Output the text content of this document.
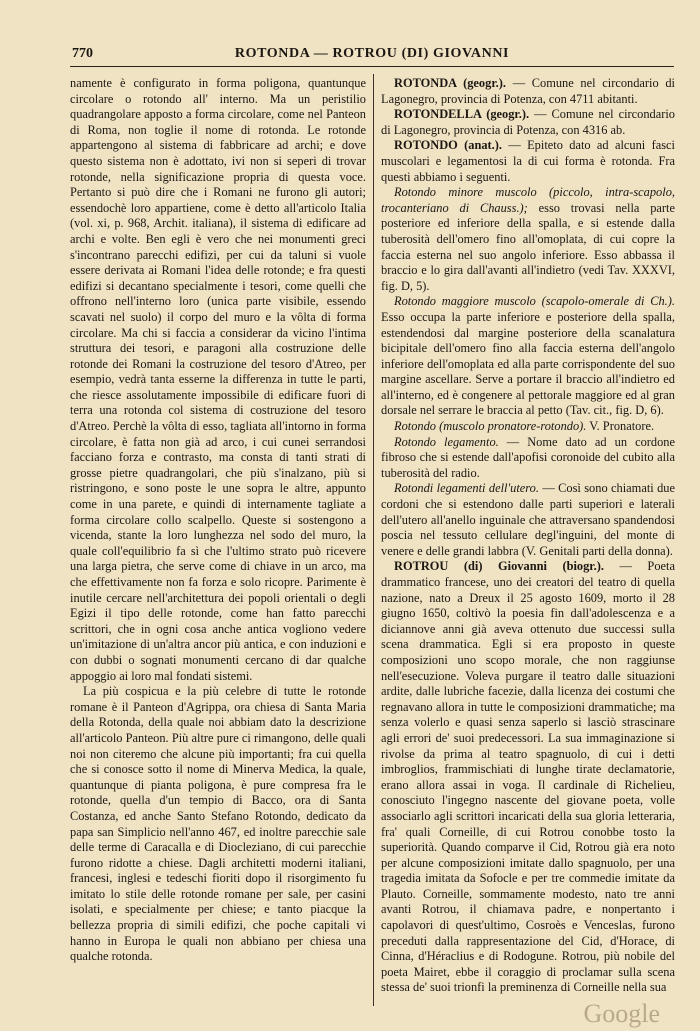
770	ROTONDA — ROTROU (DI) GIOVANNI

namente è configurato in forma poligona, quantunque circolare o rotondo all' interno. Ma un peristilio quadrangolare apposto a forma circolare, come nel Panteon di Roma, non toglie il nome di rotonda. Le rotonde appartengono al sistema di fabbricare ad archi; e dove questo sistema non è adottato, ivi non si seperi di trovar rotonde, nella significazione propria di questa voce. Pertanto si può dire che i Romani ne furono gli autori; essendochè loro appartiene, come è detto all'articolo Italia (vol. xi, p. 968, Archit. italiana), il sistema di edificare ad archi e volte. Ben egli è vero che nei monumenti greci s'incontrano parecchi edifizi, per cui da taluni si vuole essere derivata ai Romani l'idea delle rotonde; e fra questi edifizi si decantano specialmente i tesori, come quelli che offrono nell'interno loro (unica parte visibile, essendo scavati nel suolo) il corpo del muro e la vôlta di forma circolare. Ma chi si faccia a considerar da vicino l'intima struttura dei tesori, e paragoni alla costruzione delle rotonde dei Romani la costruzione del tesoro d'Atreo, per esempio, vedrà tanta esserne la differenza in tutte le parti, che riesce assolutamente impossibile di edificare fuori di terra una rotonda col sistema di costruzione del tesoro d'Atreo. Perchè la vôlta di esso, tagliata all'intorno in forma circolare, è fatta non già ad arco, i cui cunei serrandosi facciano forza e contrasto, ma consta di tanti strati di grosse pietre quadrangolari, che più s'inalzano, più si ristringono, e sono poste le une sopra le altre, appunto come in una parete, e quindi di internamente tagliate a forma circolare collo scalpello. Queste si sostengono a vicenda, stante la loro lunghezza nel sodo del muro, la quale coll'equilibrio fa sì che l'ultimo strato può ricevere una larga pietra, che serve come di chiave in un arco, ma che effettivamente non fa forza e solo ricopre. Parimente è inutile cercare nell'architettura dei popoli orientali o degli Egizi il tipo delle rotonde, come han fatto parecchi scrittori, che in ogni cosa anche antica vogliono vedere un'imitazione di un'altra ancor più antica, e con induzioni e con dubbi o sognati monumenti cercano di dar qualche appoggio ai loro mal fondati sistemi.

La più cospicua e la più celebre di tutte le rotonde romane è il Panteon d'Agrippa, ora chiesa di Santa Maria della Rotonda, della quale noi abbiam dato la descrizione all'articolo Panteon. Più altre pure ci rimangono, delle quali noi non citeremo che alcune più importanti; fra cui quella che si conosce sotto il nome di Minerva Medica, la quale, quantunque di pianta poligona, è pure compresa fra le rotonde, quella d'un tempio di Bacco, ora di Santa Costanza, ed anche Santo Stefano Rotondo, dedicato da papa san Simplicio nell'anno 467, ed inoltre parecchie sale delle terme di Caracalla e di Diocleziano, di cui parecchie furono ridotte a chiese. Dagli architetti moderni italiani, francesi, inglesi e tedeschi fioriti dopo il risorgimento fu imitato lo stile delle rotonde romane per sale, per casini isolati, e specialmente per chiese; e tanto piacque la bellezza propria di simili edifizi, che poche capitali vi hanno in Europa le quali non abbiano per chiesa una qualche rotonda.

ROTONDA (geogr.). — Comune nel circondario di Lagonegro, provincia di Potenza, con 4711 abitanti.

ROTONDELLA (geogr.). — Comune nel circondario di Lagonegro, provincia di Potenza, con 4316 ab.

ROTONDO (anat.). — Epiteto dato ad alcuni fasci muscolari e legamentosi la di cui forma è rotonda. Fra questi abbiamo i seguenti.

Rotondo minore muscolo (piccolo, intra-scapolo, trocanteriano di Chauss.); esso trovasi nella parte posteriore ed inferiore della spalla, e si estende dalla tuberosità dell'omero fino all'omoplata, di cui copre la faccia esterna nel suo angolo inferiore. Esso abbassa il braccio e lo gira dall'avanti all'indietro (vedi Tav. XXXVI, fig. D, 5).

Rotondo maggiore muscolo (scapolo-omerale di Ch.). Esso occupa la parte inferiore e posteriore della spalla, estendendosi dal margine posteriore della scanalatura bicipitale dell'omero fino alla faccia esterna dell'angolo inferiore dell'omoplata ed alla parte corrispondente del suo margine ascellare. Serve a portare il braccio all'indietro ed all'interno, ed è congenere al pettorale maggiore ed al gran dorsale nel serrare le braccia al petto (Tav. cit., fig. D, 6).

Rotondo (muscolo pronatore-rotondo). V. Pronatore.

Rotondo legamento. — Nome dato ad un cordone fibroso che si estende dall'apofisi coronoide del cubito alla tuberosità del radio.

Rotondi legamenti dell'utero. — Così sono chiamati due cordoni che si estendono dalle parti superiori e laterali dell'utero all'anello inguinale che attraversano spandendosi poscia nel tessuto cellulare degl'inguini, del monte di venere e delle grandi labbra (V. Genitali parti della donna).

ROTROU (di) Giovanni (biogr.). — Poeta drammatico francese, uno dei creatori del teatro di quella nazione, nato a Dreux il 25 agosto 1609, morto il 28 giugno 1650, coltivò la poesia fin dall'adolescenza e a diciannove anni già aveva ottenuto due successi sulla scena drammatica. Egli si era proposto in queste composizioni uno scopo morale, che non raggiunse nell'esecuzione. Voleva purgare il teatro dalle situazioni ardite, dalle lubriche facezie, dalla licenza dei costumi che regnavano allora in tutte le composizioni drammatiche; ma senza volerlo e quasi senza saperlo si lasciò strascinare agli errori de' suoi predecessori. La sua immaginazione si rivolse da prima al teatro spagnuolo, di cui i detti imbroglios, frammischiati di lunghe tirate declamatorie, erano allora assai in voga. Il cardinale di Richelieu, conosciuto l'ingegno nascente del giovane poeta, volle associarlo agli scrittori incaricati della sua gloria letteraria, fra' quali Corneille, di cui Rotrou conobbe tosto la superiorità. Quando comparve il Cid, Rotrou già era noto per alcune composizioni imitate dallo spagnuolo, per una tragedia imitata da Sofocle e per tre commedie imitate da Plauto. Corneille, sommamente modesto, nato tre anni avanti Rotrou, il chiamava padre, e nonpertanto i capolavori di quest'ultimo, Cosroès e Venceslas, furono preceduti dalla rappresentazione del Cid, d'Horace, di Cinna, d'Héraclius e di Rodogune. Rotrou, più nobile del poeta Mairet, ebbe il coraggio di proclamar sulla scena stessa de' suoi trionfi la preminenza di Corneille nella sua

Google
